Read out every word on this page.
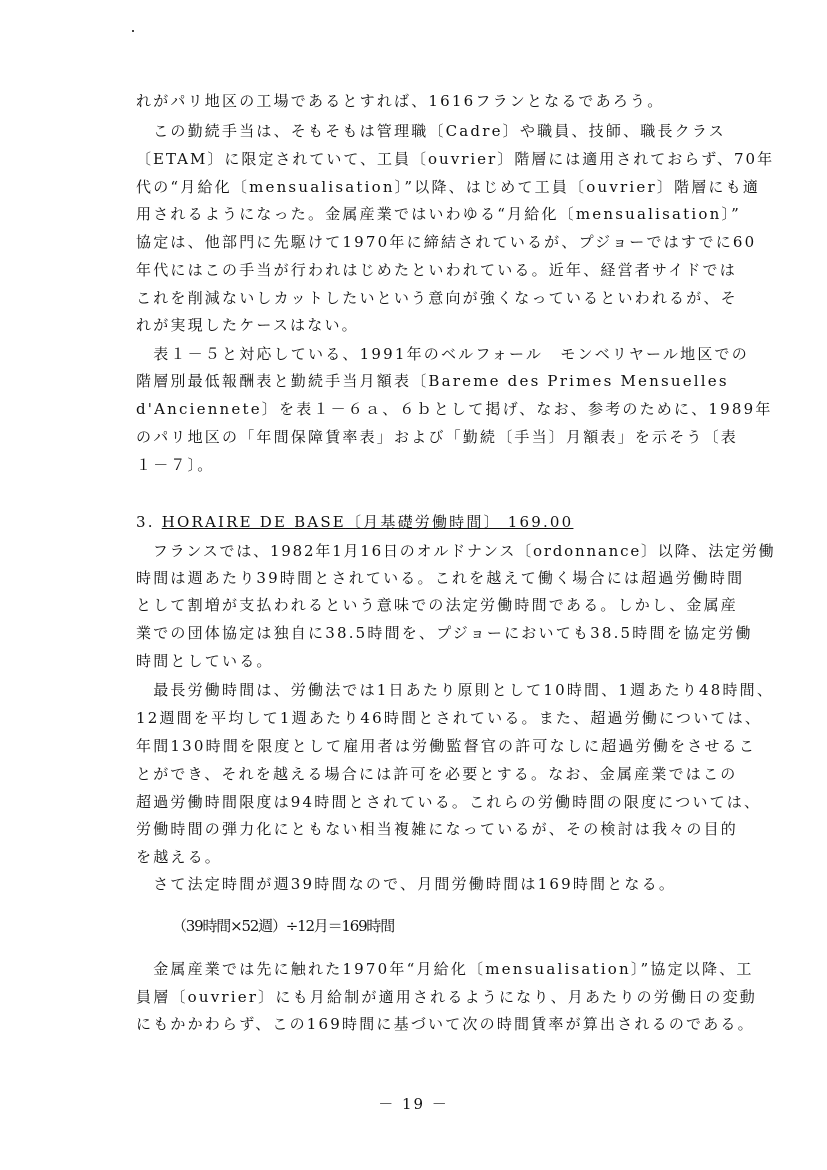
れがパリ地区の工場であるとすれば、1616フランとなるであろう。
　この勤続手当は、そもそもは管理職〔Cadre〕や職員、技師、職長クラス
〔ETAM〕に限定されていて、工員〔ouvrier〕階層には適用されておらず、70年
代の“月給化〔mensualisation〕”以降、はじめて工員〔ouvrier〕階層にも適
用されるようになった。金属産業ではいわゆる“月給化〔mensualisation〕”
協定は、他部門に先駆けて1970年に締結されているが、プジョーではすでに60
年代にはこの手当が行われはじめたといわれている。近年、経営者サイドでは
これを削減ないしカットしたいという意向が強くなっているといわれるが、そ
れが実現したケースはない。
　表１－５と対応している、1991年のベルフォール　モンベリヤール地区での
階層別最低報酬表と勤続手当月額表〔Bareme des Primes Mensuelles
d'Anciennete〕を表１－６ａ、６ｂとして掲げ、なお、参考のために、1989年
のパリ地区の「年間保障賃率表」および「勤続〔手当〕月額表」を示そう〔表
１－７〕。
3. HORAIRE DE BASE〔月基礎労働時間〕 169.00
　フランスでは、1982年1月16日のオルドナンス〔ordonnance〕以降、法定労働
時間は週あたり39時間とされている。これを越えて働く場合には超過労働時間
として割増が支払われるという意味での法定労働時間である。しかし、金属産
業での団体協定は独自に38.5時間を、プジョーにおいても38.5時間を協定労働
時間としている。
　最長労働時間は、労働法では1日あたり原則として10時間、1週あたり48時間、
12週間を平均して1週あたり46時間とされている。また、超過労働については、
年間130時間を限度として雇用者は労働監督官の許可なしに超過労働をさせるこ
とができ、それを越える場合には許可を必要とする。なお、金属産業ではこの
超過労働時間限度は94時間とされている。これらの労働時間の限度については、
労働時間の弾力化にともない相当複雑になっているが、その検討は我々の目的
を越える。
　さて法定時間が週39時間なので、月間労働時間は169時間となる。
（39時間×52週）÷12月＝169時間
　金属産業では先に触れた1970年“月給化〔mensualisation〕”協定以降、工
員層〔ouvrier〕にも月給制が適用されるようになり、月あたりの労働日の変動
にもかかわらず、この169時間に基づいて次の時間賃率が算出されるのである。
－ 19 －
